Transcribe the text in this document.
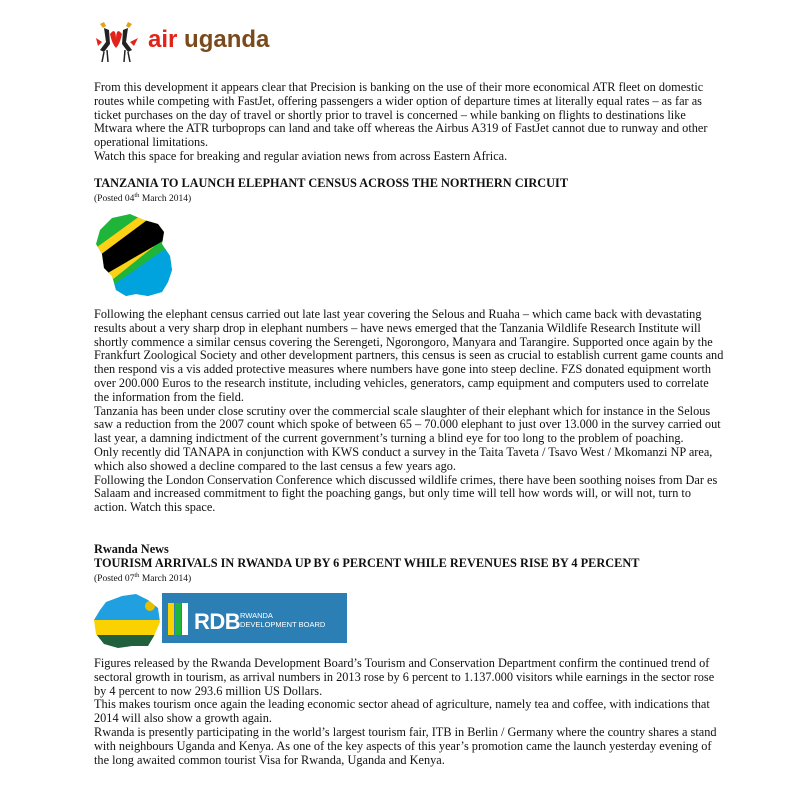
air uganda

From this development it appears clear that Precision is banking on the use of their more economical ATR fleet on domestic routes while competing with FastJet, offering passengers a wider option of departure times at literally equal rates – as far as ticket purchases on the day of travel or shortly prior to travel is concerned – while banking on flights to destinations like Mtwara where the ATR turboprops can land and take off whereas the Airbus A319 of FastJet cannot due to runway and other operational limitations.
Watch this space for breaking and regular aviation news from across Eastern Africa.

TANZANIA TO LAUNCH ELEPHANT CENSUS ACROSS THE NORTHERN CIRCUIT

(Posted 04th March 2014)

Following the elephant census carried out late last year covering the Selous and Ruaha – which came back with devastating results about a very sharp drop in elephant numbers – have news emerged that the Tanzania Wildlife Research Institute will shortly commence a similar census covering the Serengeti, Ngorongoro, Manyara and Tarangire. Supported once again by the Frankfurt Zoological Society and other development partners, this census is seen as crucial to establish current game counts and then respond vis a vis added protective measures where numbers have gone into steep decline. FZS donated equipment worth over 200.000 Euros to the research institute, including vehicles, generators, camp equipment and computers used to correlate the information from the field.
Tanzania has been under close scrutiny over the commercial scale slaughter of their elephant which for instance in the Selous saw a reduction from the 2007 count which spoke of between 65 – 70.000 elephant to just over 13.000 in the survey carried out last year, a damning indictment of the current government’s turning a blind eye for too long to the problem of poaching.
Only recently did TANAPA in conjunction with KWS conduct a survey in the Taita Taveta / Tsavo West / Mkomanzi NP area, which also showed a decline compared to the last census a few years ago.
Following the London Conservation Conference which discussed wildlife crimes, there have been soothing noises from Dar es Salaam and increased commitment to fight the poaching gangs, but only time will tell how words will, or will not, turn to action. Watch this space.

Rwanda News

TOURISM ARRIVALS IN RWANDA UP BY 6 PERCENT WHILE REVENUES RISE BY 4 PERCENT

(Posted 07th March 2014)

RDB RWANDA
DEVELOPMENT BOARD

Figures released by the Rwanda Development Board’s Tourism and Conservation Department confirm the continued trend of sectoral growth in tourism, as arrival numbers in 2013 rose by 6 percent to 1.137.000 visitors while earnings in the sector rose by 4 percent to now 293.6 million US Dollars.
This makes tourism once again the leading economic sector ahead of agriculture, namely tea and coffee, with indications that 2014 will also show a growth again.
Rwanda is presently participating in the world’s largest tourism fair, ITB in Berlin / Germany where the country shares a stand with neighbours Uganda and Kenya. As one of the key aspects of this year’s promotion came the launch yesterday evening of the long awaited common tourist Visa for Rwanda, Uganda and Kenya.
